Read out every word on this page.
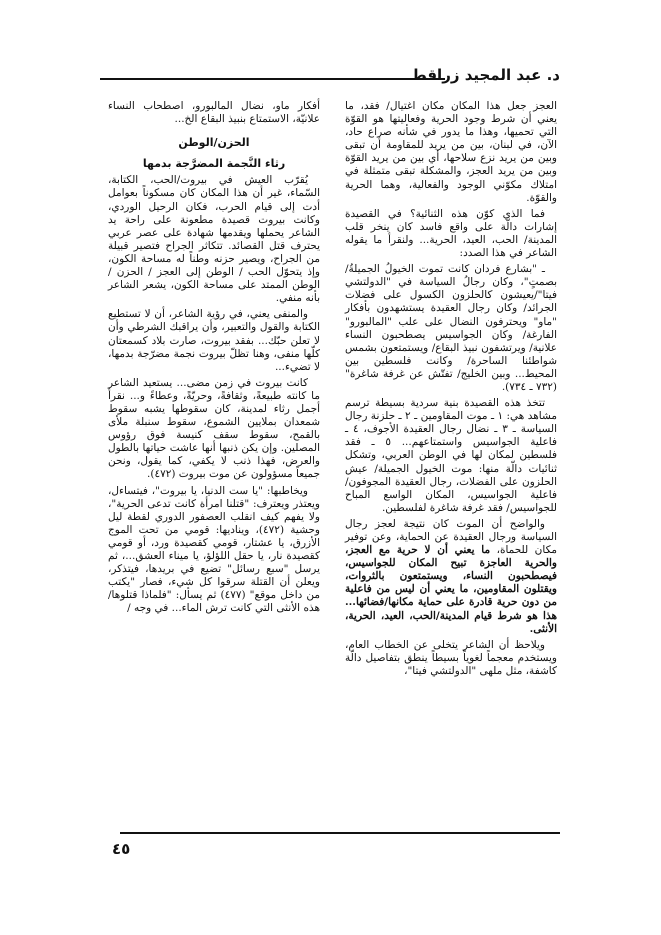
د. عبد المجيد زراقط

العجز جعل هذا المكان مكان اغتيال/ فقد، ما يعني أن شرط وجود الحرية وفعاليتها هو القوّة التي تحميها، وهذا ما يدور في شأنه صراع حاد، الآن، في لبنان، بين من يريد للمقاومة أن تبقى وبين من يريد نزع سلاحها، أي بين من يريد القوّة وبين من يريد العجز، والمشكلة تبقى متمثلة في امتلاك مكوّني الوجود والفعالية، وهما الحرية والقوّة.

فما الذي كوّن هذه الثنائية؟ في القصيدة إشارات دالّة على واقع فاسد كان ينخر قلب المدينة/ الحب، العيد، الحرية... ولنقرأ ما يقوله الشاعر في هذا الصدد:

ـ "بشارع فردان كانت تموت الخيولُ الجميلةُ/ بصمتٍ"، وكان رجالُ السياسة في "الدولتشي فيتا"/يعيشون كالحلزون الكسول على فضلات الجرائد/ وكان رجال العقيدة يستشهدون بأفكار "ماو" ويحترفون النضال على علب "المالبورو" الفارغة/ وكان الجواسيس يصطحبون النساء علانية/ ويرتشفون نبيذ البقاع/ ويستمتعون بشمس شواطئنا الساحرة/ وكانت فلسطين بين المحيط... وبين الخليج/ تفتّش عن غرفة شاغرة" (٧٣٢ ـ ٧٣٤).

تتخذ هذه القصيدة بنية سردية بسيطة ترسم مشاهد هي: ١ ـ موت المقاومين ـ ٢ ـ حلزنة رجال السياسة ـ ٣ ـ نضال رجال العقيدة الأجوف، ٤ ـ فاعلية الجواسيس واستمتاعهم... ٥ ـ فقد فلسطين لمكان لها في الوطن العربي، وتشكل ثنائيات دالّة منها: موت الخيول الجميلة/ عيش الحلزون على الفضلات، رجال العقيدة المجوفون/ فاعلية الجواسيس، المكان الواسع المباح للجواسيس/ فقد غرفة شاغرة لفلسطين.

والواضح أن الموت كان نتيجة لعجز رجال السياسة ورجال العقيدة عن الحماية، وعن توفير مكان للحماة، ما يعني أن لا حرية مع العجز، والحرية العاجزة تبيح المكان للجواسيس، فيصطحبون النساء، ويستمتعون بالثروات، ويقتلون المقاومين، ما يعني أن ليس من فاعلية من دون حرية قادرة على حماية مكانها/فضائها... هذا هو شرط قيام المدينة/الحب، العيد، الحرية، الأنثى.

ويلاحظ أن الشاعر يتخلى عن الخطاب العام، ويستخدم معجماً لغوياً بسيطاً ينطق بتفاصيل دالّة كاشفة، مثل ملهى "الدولتشي فيتا"،

أفكار ماو، نضال المالبورو، اصطحاب النساء علانيّة، الاستمتاع بنبيذ البقاع الخ...

الحزن/الوطن
رثاء النَّجمة المضرَّجة بدمها

يُقرّب العيش في بيروت/الحب، الكتابة، السّماء، غير أن هذا المكان كان مسكوناً بعوامل أدت إلى قيام الحرب، فكان الرحيل الوردي، وكانت بيروت قصيدة مطعونة على راحة يد الشاعر يحملها ويقدمها شهادة على عصر عربي يحترف قتل القصائد. تتكاثر الجراح فتصير قبيلة من الجراح، ويصير حزنه وطناً له مساحة الكون، وإذ يتحوّل الحب / الوطن إلى العجز / الحزن / الوطن الممتد على مساحة الكون، يشعر الشاعر بأنه منفي.

والمنفى يعني، في رؤية الشاعر، أن لا تستطيع الكتابة والقول والتعبير، وأن يراقبك الشرطي وأن لا تعلن حبّك... بفقد بيروت، صارت بلاد كسمعتان كلّها منفى، وهنا تظلّ بيروت نجمة مضرّجة بدمها، لا تضيء...

كانت بيروت في زمن مضى... يستعيد الشاعر ما كانته طبيعةً، وثقافةً، وحريّةً، وعطاءً و... نقرأ أجمل رثاء لمدينة، كان سقوطها يشبه سقوط شمعدان بملايين الشموع، سقوط سنبلة ملأى بالقمح، سقوط سقف كنيسة فوق رؤوس المصلين. وإن يكن ذنبها أنها عاشت حياتها بالطول والعرض، فهذا ذنب لا يكفي، كما يقول، ونحن جميعاً مسؤولون عن موت بيروت (٤٧٢).

ويخاطبها: "يا ست الدنيا، يا بيروت"، فيتساءل، ويعتذر ويعترف: "قتلنا امرأة كانت تدعى الحرية"، ولا يفهم كيف انقلب العصفور الدوري لقطة ليل وحشية (٤٧٢)، ويناديها: قومي من تحت الموج الأزرق، يا عشتار، قومي كقصيدة ورد، أو قومي كقصيدة نار، يا حقل اللؤلؤ، يا ميناء العشق...، ثم يرسل "سبع رسائل" تضيع في بريدها، فيتذكر، ويعلن أن القتلة سرقوا كل شيء، فصار "يكتب من داخل موقع" (٤٧٧) ثم يسأل: "فلماذا قتلوها/ هذه الأنثى التي كانت ترش الماء... في وجه /

٤٥
